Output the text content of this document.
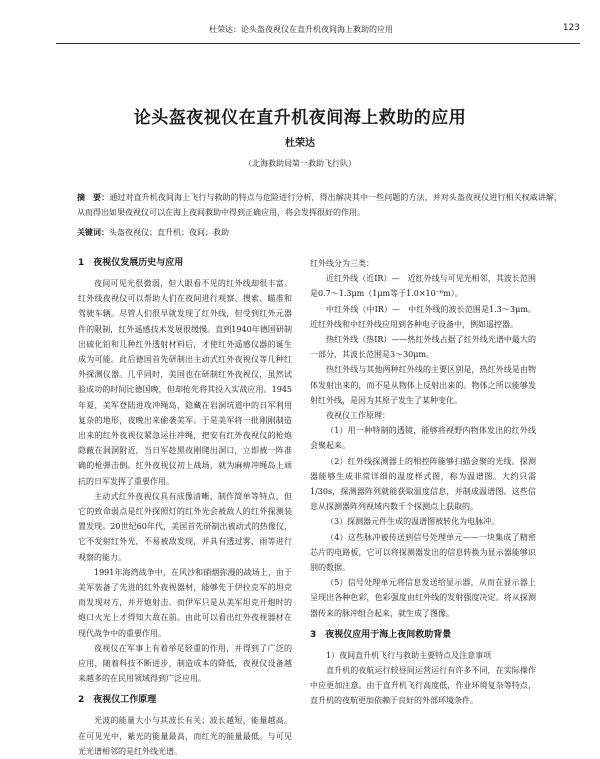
杜荣达：论头盔夜视仪在直升机夜间海上救助的应用	123
论头盔夜视仪在直升机夜间海上救助的应用
杜荣达
（北海救助局第一救助飞行队）
摘　要：通过对直升机夜间海上飞行与救助的特点与危险进行分析，得出解决其中一些问题的方法，并对头盔夜视仪进行相关权威讲解，从而得出如果夜视仪可以在海上夜间救助中得到正确应用，将会发挥很好的作用。
关键词：头盔夜视仪；直升机；夜间；救助
1　夜视仪发展历史与应用

夜间可见光很微弱，但人眼看不见的红外线却很丰富。红外线夜视仪可以帮助人们在夜间进行观察、搜索、瞄准和驾驶车辆。尽管人们很早就发现了红外线，但受到红外元器件的限制，红外遥感技术发展很缓慢。直到1940年德国研制出硫化铅和几种红外透射材料后，才使红外遥感仪器的诞生成为可能。此后德国首先研制出主动式红外夜视仪等几种红外探测仪器。几乎同时，美国也在研制红外夜视仪，虽然试验成功的时间比德国晚，但却抢先将其投入实战应用。1945年夏，美军登陆进攻冲绳岛，隐藏在岩洞坑道中的日军利用复杂的地形，夜晚出来偷袭美军。于是美军将一批刚刚制造出来的红外夜视仪紧急运往冲绳，把安有红外夜视仪的枪炮隐蔽在洞洞附近，当日军趁黑夜刚爬出洞口，立即被一阵准确的枪弹击倒。红外夜视仪初上战场，就为麻痹冲绳岛上顽抗的日军发挥了重要作用。

主动式红外夜视仪具有成像清晰、制作简单等特点，但它的致命弱点是红外探照灯的红外光会被敌人的红外探测装置发现。20世纪60年代，美国首先研制出被动式的热像仪，它不发射红外光，不易被敌发现，并具有透过雾、雨等进行观察的能力。

1991年海湾战争中，在风沙和硝烟弥漫的战场上，由于美军装备了先进的红外夜视器材，能够先于伊拉克军的坦克而发现对方，并开炮射击。而伊军只是从美军坦克开炮时的炮口火光上才得知大敌在前。由此可以看出红外夜视器材在现代战争中的重要作用。

夜视仪在军事上有着举足轻重的作用，并得到了广泛的应用，随着科技不断进步，制造成本的降低，夜视仪设备越来越多的在民用领域得到广泛应用。

2　夜视仪工作原理

光波的能量大小与其波长有关；波长越短，能量越高。在可见光中，紫光的能量最高，而红光的能量最低。与可见光光谱相邻的是红外线光谱。

红外线分为三类：

近红外线（近IR）—　近红外线与可见光相邻，其波长范围是0.7～1.3μm（1μm等于1.0×10⁻⁶m）。

中红外线（中IR）—　中红外线的波长范围是1.3～3μm。近红外线和中红外线应用到各种电子设备中，例如遥控器。

热红外线（热IR）——热红外线占据了红外线光谱中最大的一部分，其波长范围是3～30μm。

热红外线与其他两种红外线的主要区别是，热红外线是由物体发射出来的，而不是从物体上反射出来的。物体之所以能够发射红外线，是因为其原子发生了某种变化。

夜视仪工作原理：

（1）用一种特制的透镜，能够将视野内物体发出的红外线会聚起来。

（2）红外线探测器上的相控阵能够扫描会聚的光线。探测器能够生成非常详细的温度样式图，称为温谱图。大约只需1/30s，探测器阵列就能获取温度信息，并制成温谱图。这些信息从探测器阵列视域内数千个探测点上获取的。

（3）探测器元件生成的温谱图被转化为电脉冲。

（4）这些脉冲被传送到信号处理单元——一块集成了精密芯片的电路板，它可以将探测器发出的信息转换为显示器能够识别的数据。

（5）信号处理单元将信息发送给显示器，从而在显示器上呈现出各种色彩，色彩强度由红外线的发射强度决定。将从探测器传来的脉冲组合起来，就生成了图像。

3　夜视仪应用于海上夜间救助背景

1）夜间直升机飞行与救助主要特点及注意事项

直升机的夜航运行较昼间运营运行有许多不同，在实际操作中应更加注意。由于直升机飞行高度低，作业环境复杂等特点，直升机的夜航更加依赖于良好的外部环境条件。
